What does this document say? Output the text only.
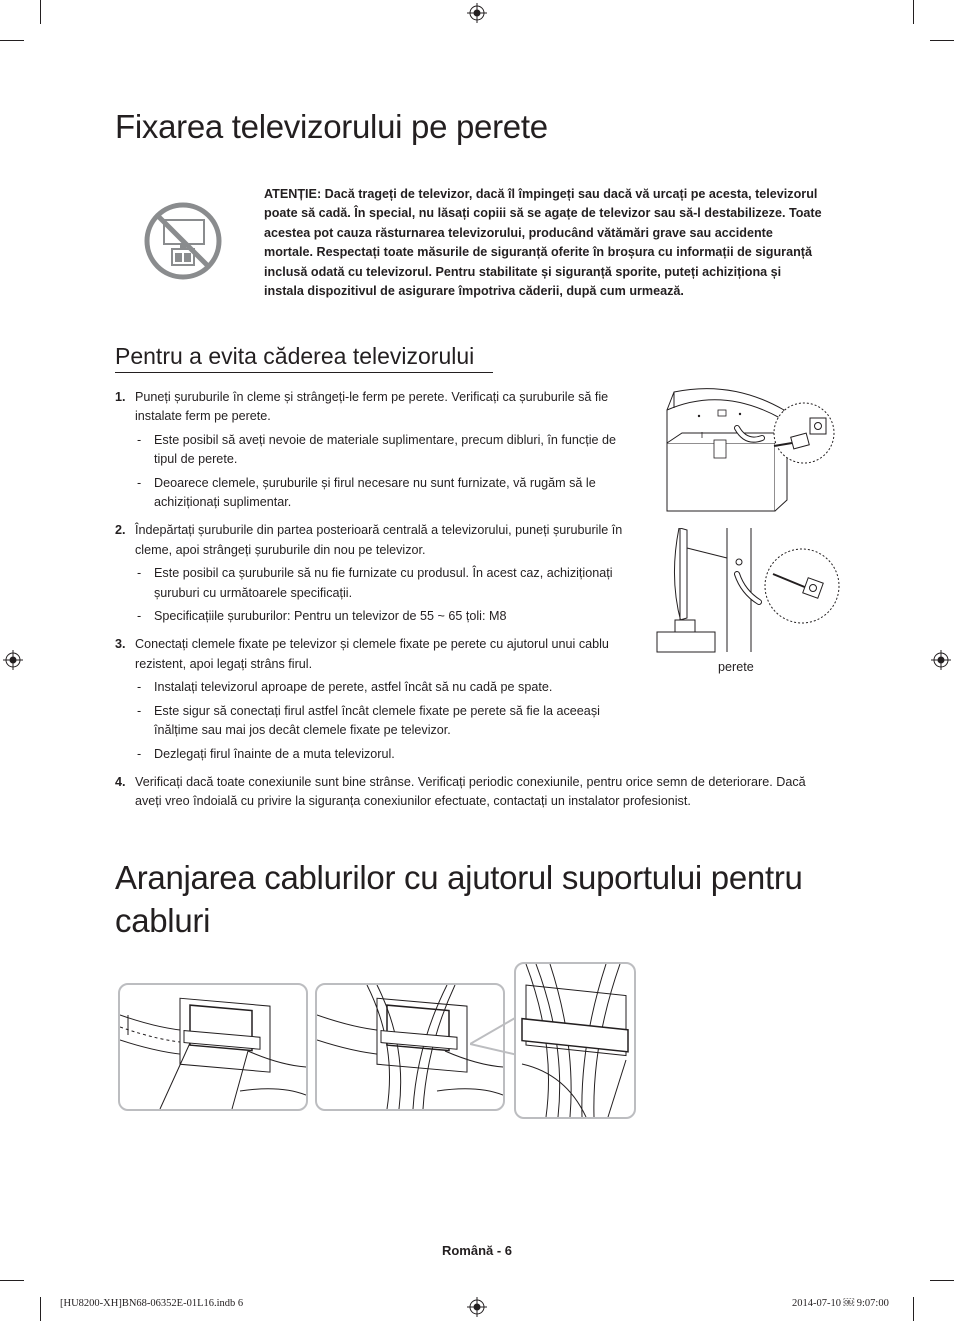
Fixarea televizorului pe perete
ATENȚIE: Dacă trageți de televizor, dacă îl împingeți sau dacă vă urcați pe acesta, televizorul poate să cadă. În special, nu lăsați copiii să se agațe de televizor sau să-l destabilizeze. Toate acestea pot cauza răsturnarea televizorului, producând vătămări grave sau accidente mortale. Respectați toate măsurile de siguranță oferite în broșura cu informații de siguranță inclusă odată cu televizorul. Pentru stabilitate și siguranță sporite, puteți achiziționa și instala dispozitivul de asigurare împotriva căderii, după cum urmează.
Pentru a evita căderea televizorului
1. Puneți șuruburile în cleme și strângeți-le ferm pe perete. Verificați ca șuruburile să fie instalate ferm pe perete.
- Este posibil să aveți nevoie de materiale suplimentare, precum dibluri, în funcție de tipul de perete.
- Deoarece clemele, șuruburile și firul necesare nu sunt furnizate, vă rugăm să le achiziționați suplimentar.
2. Îndepărtați șuruburile din partea posterioară centrală a televizorului, puneți șuruburile în cleme, apoi strângeți șuruburile din nou pe televizor.
- Este posibil ca șuruburile să nu fie furnizate cu produsul. În acest caz, achiziționați șuruburi cu următoarele specificații.
- Specificațiile șuruburilor: Pentru un televizor de 55 ~ 65 țoli: M8
3. Conectați clemele fixate pe televizor și clemele fixate pe perete cu ajutorul unui cablu rezistent, apoi legați strâns firul.
- Instalați televizorul aproape de perete, astfel încât să nu cadă pe spate.
- Este sigur să conectați firul astfel încât clemele fixate pe perete să fie la aceeași înălțime sau mai jos decât clemele fixate pe televizor.
- Dezlegați firul înainte de a muta televizorul.
4. Verificați dacă toate conexiunile sunt bine strânse. Verificați periodic conexiunile, pentru orice semn de deteriorare. Dacă aveți vreo îndoială cu privire la siguranța conexiunilor efectuate, contactați un instalator profesionist.
perete
Aranjarea cablurilor cu ajutorul suportului pentru cabluri
Română - 6
[HU8200-XH]BN68-06352E-01L16.indb 6	2014-07-10 ￼ 9:07:00
